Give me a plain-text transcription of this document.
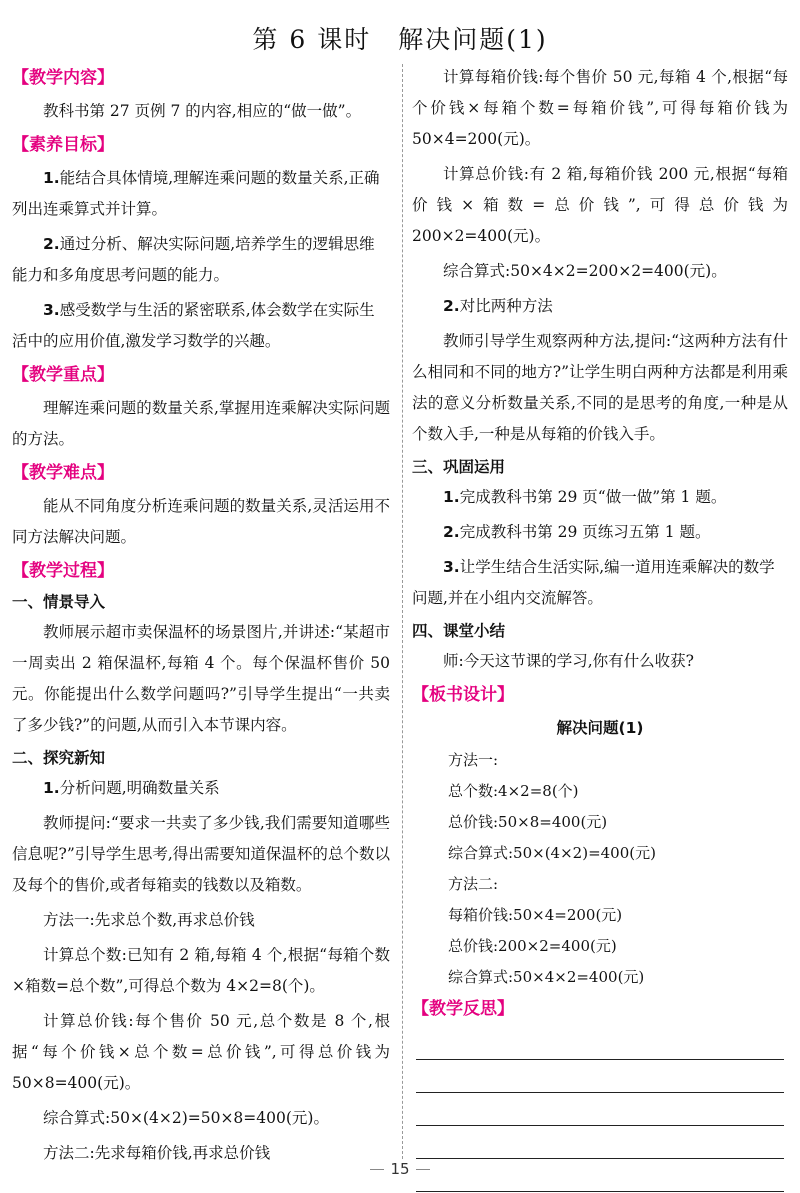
第 6 课时　解决问题(1)
【教学内容】

教科书第 27 页例 7 的内容,相应的“做一做”。

【素养目标】
1.能结合具体情境,理解连乘问题的数量关系,正确列出连乘算式并计算。
2.通过分析、解决实际问题,培养学生的逻辑思维能力和多角度思考问题的能力。
3.感受数学与生活的紧密联系,体会数学在实际生活中的应用价值,激发学习数学的兴趣。
【教学重点】

理解连乘问题的数量关系,掌握用连乘解决实际问题的方法。

【教学难点】

能从不同角度分析连乘问题的数量关系,灵活运用不同方法解决问题。

【教学过程】
一、情景导入

教师展示超市卖保温杯的场景图片,并讲述:“某超市一周卖出 2 箱保温杯,每箱 4 个。每个保温杯售价 50 元。你能提出什么数学问题吗?”引导学生提出“一共卖了多少钱?”的问题,从而引入本节课内容。

二、探究新知
1.分析问题,明确数量关系

教师提问:“要求一共卖了多少钱,我们需要知道哪些信息呢?”引导学生思考,得出需要知道保温杯的总个数以及每个的售价,或者每箱卖的钱数以及箱数。

方法一:先求总个数,再求总价钱

计算总个数:已知有 2 箱,每箱 4 个,根据“每箱个数×箱数=总个数”,可得总个数为 4×2=8(个)。

计算总价钱:每个售价 50 元,总个数是 8 个,根据“每个价钱×总个数=总价钱”,可得总价钱为 50×8=400(元)。

综合算式:50×(4×2)=50×8=400(元)。

方法二:先求每箱价钱,再求总价钱

计算每箱价钱:每个售价 50 元,每箱 4 个,根据“每个价钱×每箱个数=每箱价钱”,可得每箱价钱为 50×4=200(元)。

计算总价钱:有 2 箱,每箱价钱 200 元,根据“每箱价钱×箱数=总价钱”,可得总价钱为 200×2=400(元)。

综合算式:50×4×2=200×2=400(元)。

2.对比两种方法

教师引导学生观察两种方法,提问:“这两种方法有什么相同和不同的地方?”让学生明白两种方法都是利用乘法的意义分析数量关系,不同的是思考的角度,一种是从个数入手,一种是从每箱的价钱入手。

三、巩固运用
1.完成教科书第 29 页“做一做”第 1 题。
2.完成教科书第 29 页练习五第 1 题。
3.让学生结合生活实际,编一道用连乘解决的数学问题,并在小组内交流解答。
四、课堂小结

师:今天这节课的学习,你有什么收获?

【板书设计】
解决问题(1)
方法一:
总个数:4×2=8(个)
总价钱:50×8=400(元)
综合算式:50×(4×2)=400(元)
方法二:
每箱价钱:50×4=200(元)
总价钱:200×2=400(元)
综合算式:50×4×2=400(元)
【教学反思】
15
